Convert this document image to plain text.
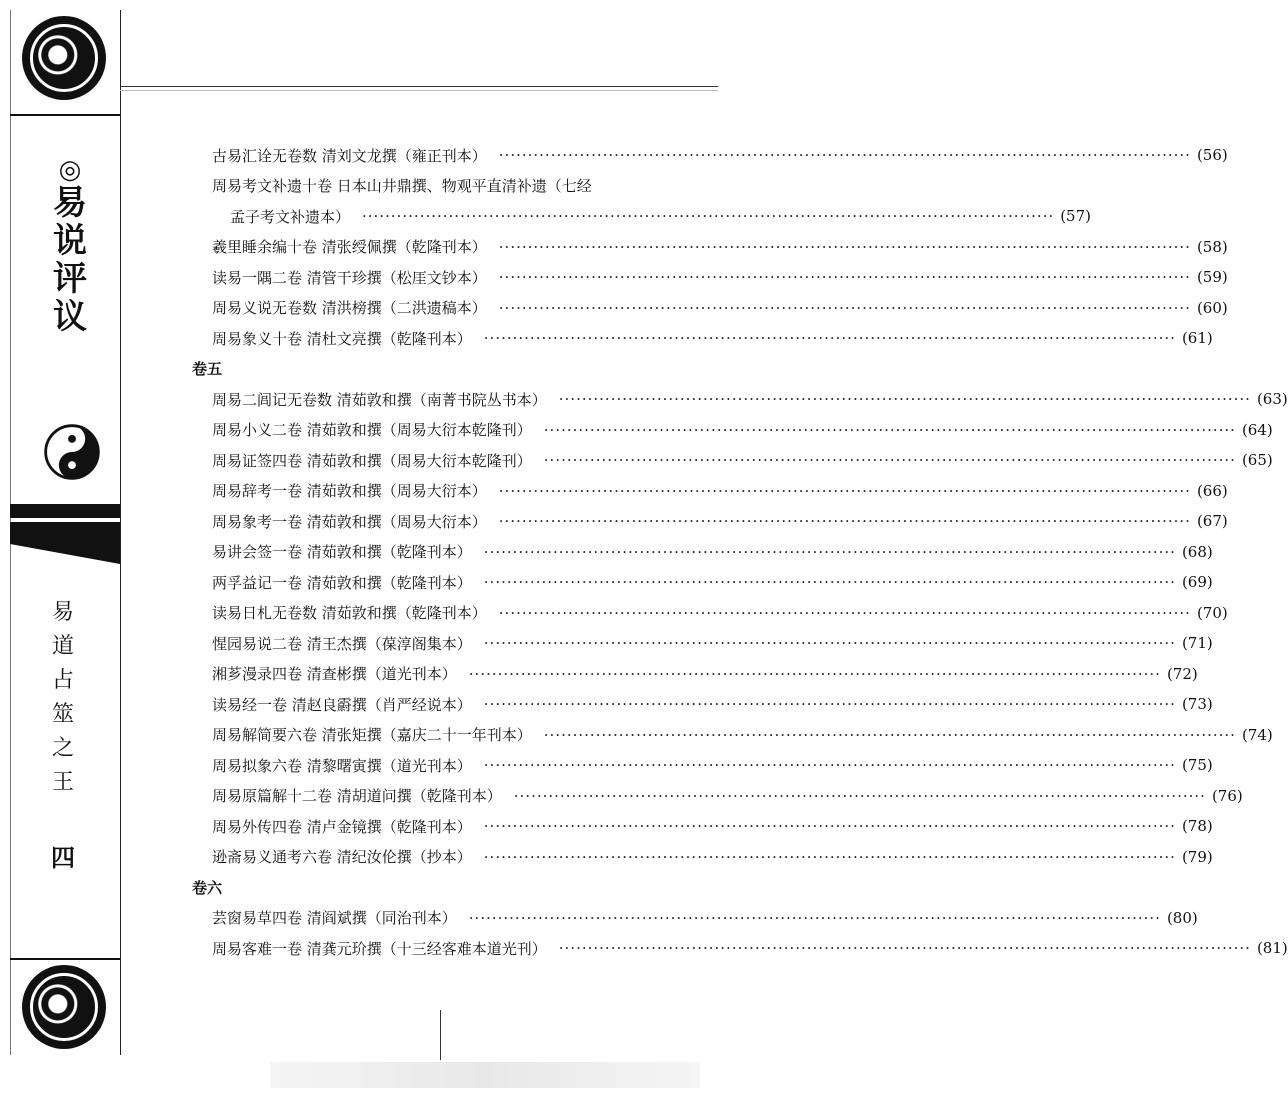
◎
易
说
评
议
易
道
占
筮
之
王
四
古易汇诠无卷数 清刘文龙撰（雍正刊本） ························································································································ (56)
周易考文补遗十卷 日本山井鼎撰、物观平直清补遗（七经
孟子考文补遗本） ························································································································ (57)
羲里睡余编十卷 清张绶佩撰（乾隆刊本） ························································································································ (58)
读易一隅二卷 清管干珍撰（松厓文钞本） ························································································································ (59)
周易义说无卷数 清洪榜撰（二洪遗稿本） ························································································································ (60)
周易象义十卷 清杜文亮撰（乾隆刊本） ························································································································ (61)
卷五
周易二闾记无卷数 清茹敦和撰（南菁书院丛书本） ························································································································ (63)
周易小义二卷 清茹敦和撰（周易大衍本乾隆刊） ························································································································ (64)
周易证签四卷 清茹敦和撰（周易大衍本乾隆刊） ························································································································ (65)
周易辞考一卷 清茹敦和撰（周易大衍本） ························································································································ (66)
周易象考一卷 清茹敦和撰（周易大衍本） ························································································································ (67)
易讲会签一卷 清茹敦和撰（乾隆刊本） ························································································································ (68)
两孚益记一卷 清茹敦和撰（乾隆刊本） ························································································································ (69)
读易日札无卷数 清茹敦和撰（乾隆刊本） ························································································································ (70)
惺园易说二卷 清王杰撰（葆淳阁集本） ························································································································ (71)
湘芗漫录四卷 清查彬撰（道光刊本） ························································································································ (72)
读易经一卷 清赵良霨撰（肖严经说本） ························································································································ (73)
周易解简要六卷 清张矩撰（嘉庆二十一年刊本） ························································································································ (74)
周易拟象六卷 清黎曙寅撰（道光刊本） ························································································································ (75)
周易原篇解十二卷 清胡道问撰（乾隆刊本） ························································································································ (76)
周易外传四卷 清卢金镜撰（乾隆刊本） ························································································································ (78)
逊斋易义通考六卷 清纪汝伦撰（抄本） ························································································································ (79)
卷六
芸窗易草四卷 清阎斌撰（同治刊本） ························································································································ (80)
周易客难一卷 清龚元玠撰（十三经客难本道光刊） ························································································································ (81)
